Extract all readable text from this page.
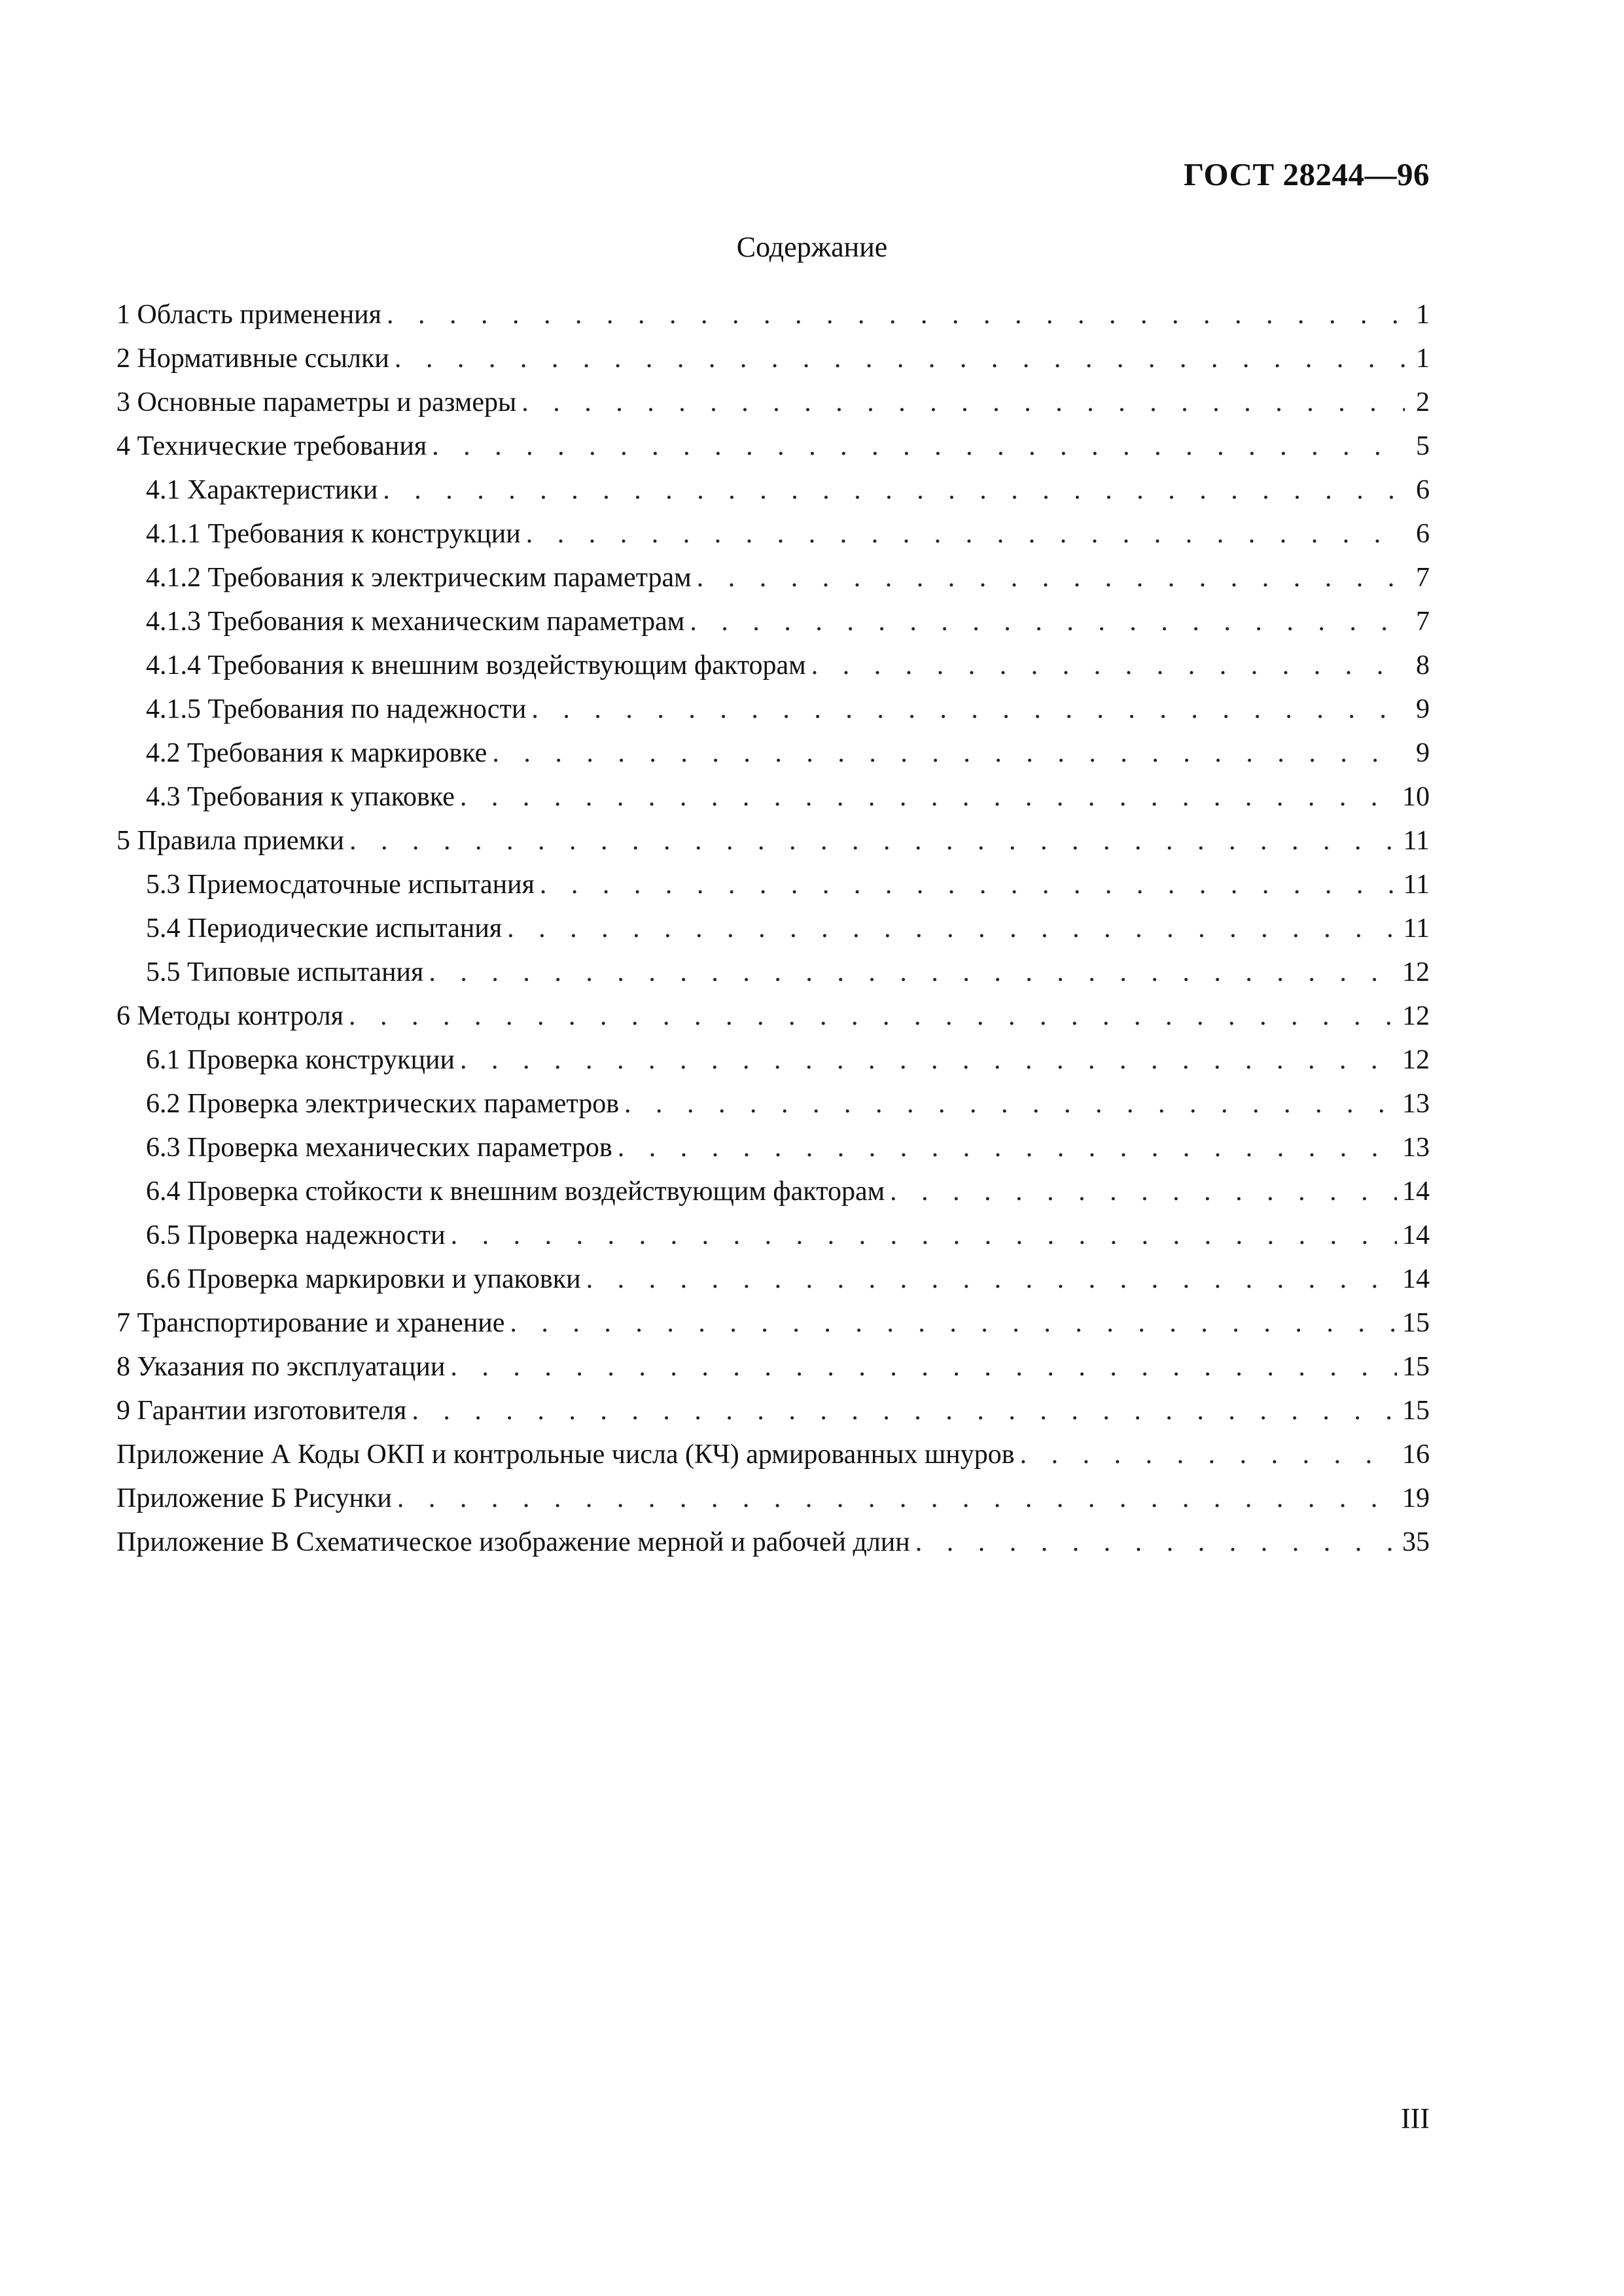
ГОСТ 28244—96
Содержание
1 Область применения . . .	1
2 Нормативные ссылки . . .	1
3 Основные параметры и размеры . . .	2
4 Технические требования . . .	5
4.1 Характеристики . . .	6
4.1.1 Требования к конструкции . . .	6
4.1.2 Требования к электрическим параметрам . . .	7
4.1.3 Требования к механическим параметрам . . .	7
4.1.4 Требования к внешним воздействующим факторам . . .	8
4.1.5 Требования по надежности . . .	9
4.2 Требования к маркировке . . .	9
4.3 Требования к упаковке . . .	10
5 Правила приемки . . .	11
5.3 Приемосдаточные испытания . . .	11
5.4 Периодические испытания . . .	11
5.5 Типовые испытания . . .	12
6 Методы контроля . . .	12
6.1 Проверка конструкции . . .	12
6.2 Проверка электрических параметров . . .	13
6.3 Проверка механических параметров . . .	13
6.4 Проверка стойкости к внешним воздействующим факторам . . .	14
6.5 Проверка надежности . . .	14
6.6 Проверка маркировки и упаковки . . .	14
7 Транспортирование и хранение . . .	15
8 Указания по эксплуатации . . .	15
9 Гарантии изготовителя . . .	15
Приложение А Коды ОКП и контрольные числа (КЧ) армированных шнуров . . .	16
Приложение Б Рисунки . . .	19
Приложение В Схематическое изображение мерной и рабочей длин . . .	35
III
